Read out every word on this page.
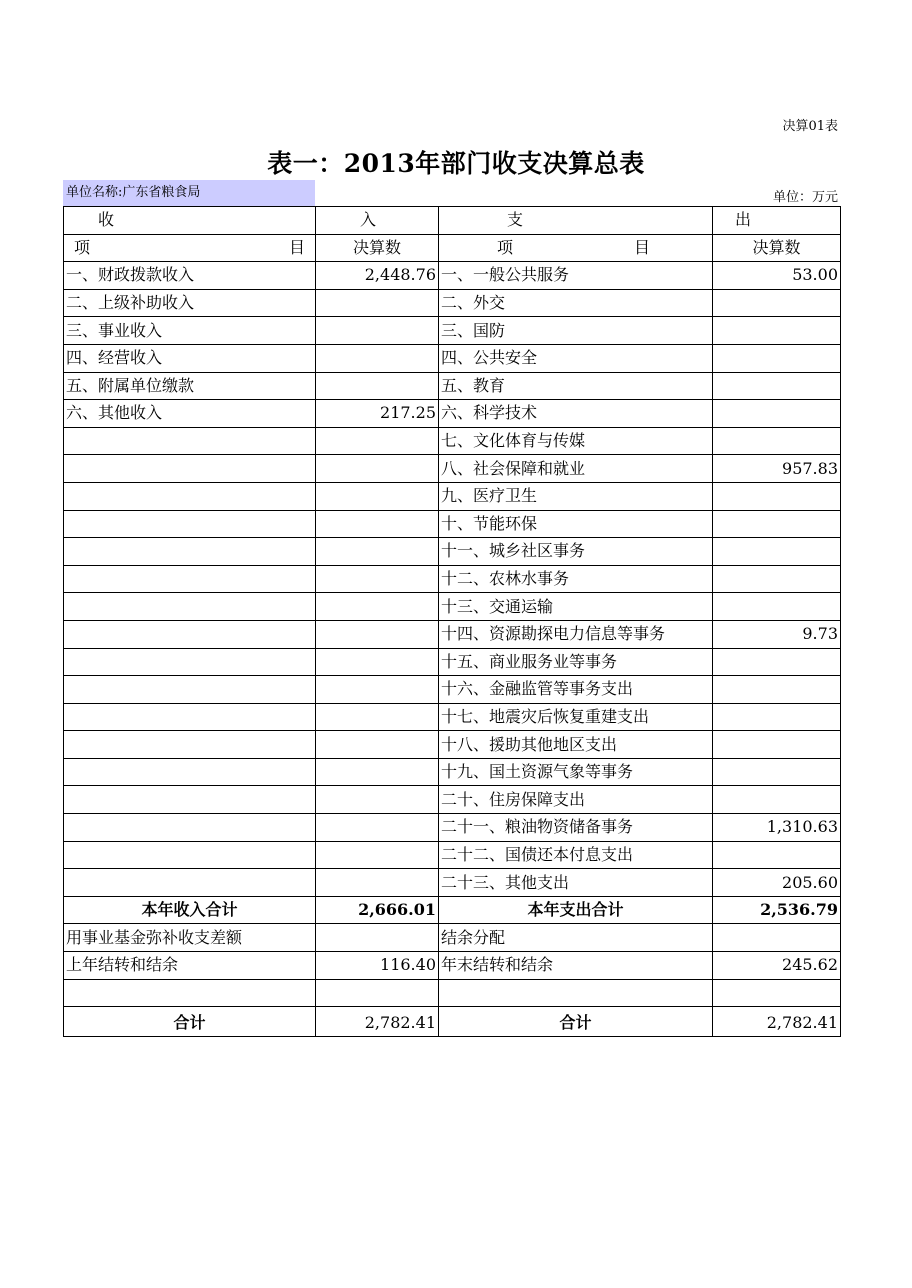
决算01表
表一：2013年部门收支决算总表
单位名称:广东省粮食局	单位：万元
收	入	支	出

项 目	决算数	项 目	决算数
一、财政拨款收入	2,448.76	一、一般公共服务	53.00
二、上级补助收入		二、外交	
三、事业收入		三、国防	
四、经营收入		四、公共安全	
五、附属单位缴款		五、教育	
六、其他收入	217.25	六、科学技术	
		七、文化体育与传媒	
		八、社会保障和就业	957.83
		九、医疗卫生	
		十、节能环保	
		十一、城乡社区事务	
		十二、农林水事务	
		十三、交通运输	
		十四、资源勘探电力信息等事务	9.73
		十五、商业服务业等事务	
		十六、金融监管等事务支出	
		十七、地震灾后恢复重建支出	
		十八、援助其他地区支出	
		十九、国土资源气象等事务	
		二十、住房保障支出	
		二十一、粮油物资储备事务	1,310.63
		二十二、国债还本付息支出	
		二十三、其他支出	205.60
本年收入合计	2,666.01	本年支出合计	2,536.79
用事业基金弥补收支差额		结余分配	
上年结转和结余	116.40	年末结转和结余	245.62

合计	2,782.41	合计	2,782.41
